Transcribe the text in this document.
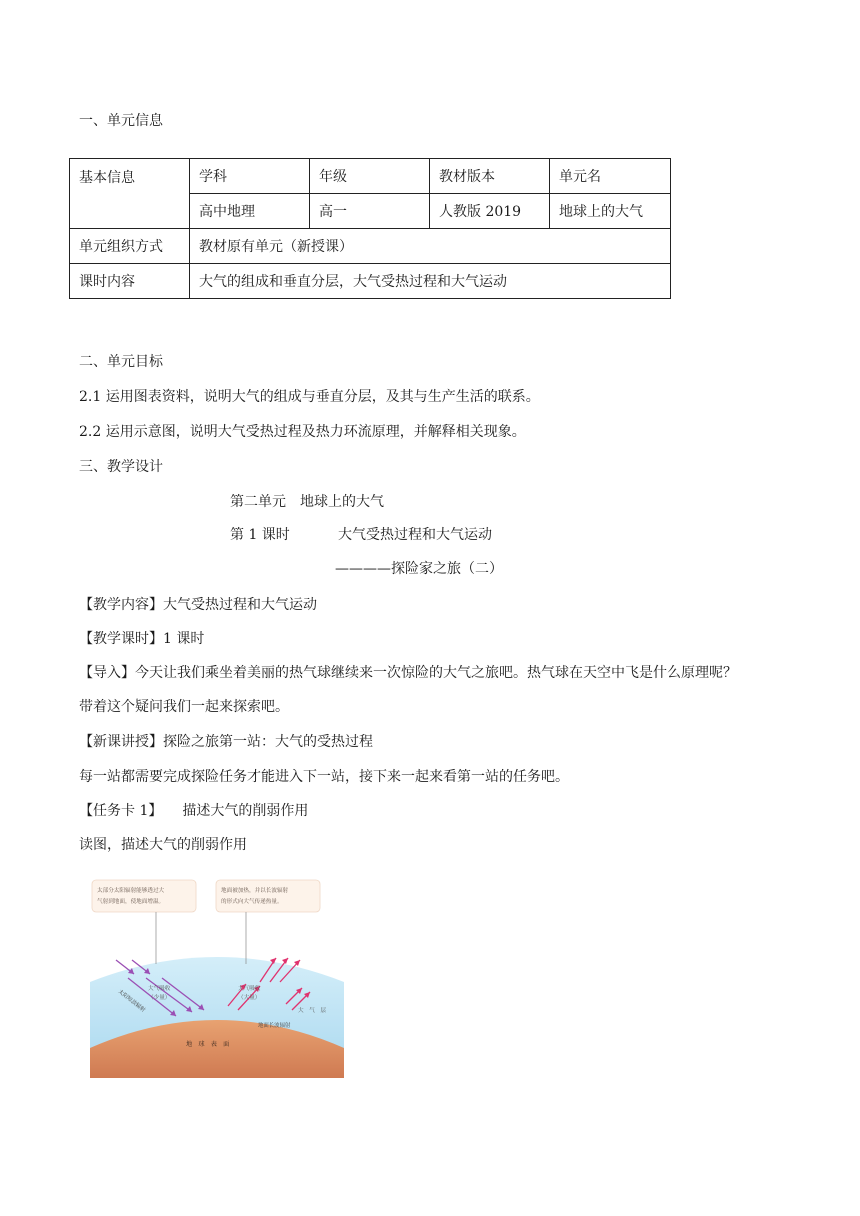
一、单元信息
基本信息	学科	年级	教材版本	单元名
	高中地理	高一	人教版 2019	地球上的大气
单元组织方式	教材原有单元（新授课）			
课时内容	大气的组成和垂直分层，大气受热过程和大气运动			
二、单元目标
2.1 运用图表资料，说明大气的组成与垂直分层，及其与生产生活的联系。
2.2 运用示意图，说明大气受热过程及热力环流原理，并解释相关现象。
三、教学设计
第二单元　地球上的大气
第 1 课时	大气受热过程和大气运动
————探险家之旅（二）
【教学内容】大气受热过程和大气运动
【教学课时】1 课时
【导入】今天让我们乘坐着美丽的热气球继续来一次惊险的大气之旅吧。热气球在天空中飞是什么原理呢？
带着这个疑问我们一起来探索吧。
【新课讲授】探险之旅第一站：大气的受热过程
每一站都需要完成探险任务才能进入下一站，接下来一起来看第一站的任务吧。
【任务卡 1】 描述大气的削弱作用
读图，描述大气的削弱作用
太部分太阳辐射能够透过大
气射到地面，使地面增温。
地面被加热，并以长波辐射
的形式向大气传递热量。
大气吸收
（少量）
大气吸收
（大量）
太阳短波辐射
地面长波辐射
大　气　层
地　球　表　面
